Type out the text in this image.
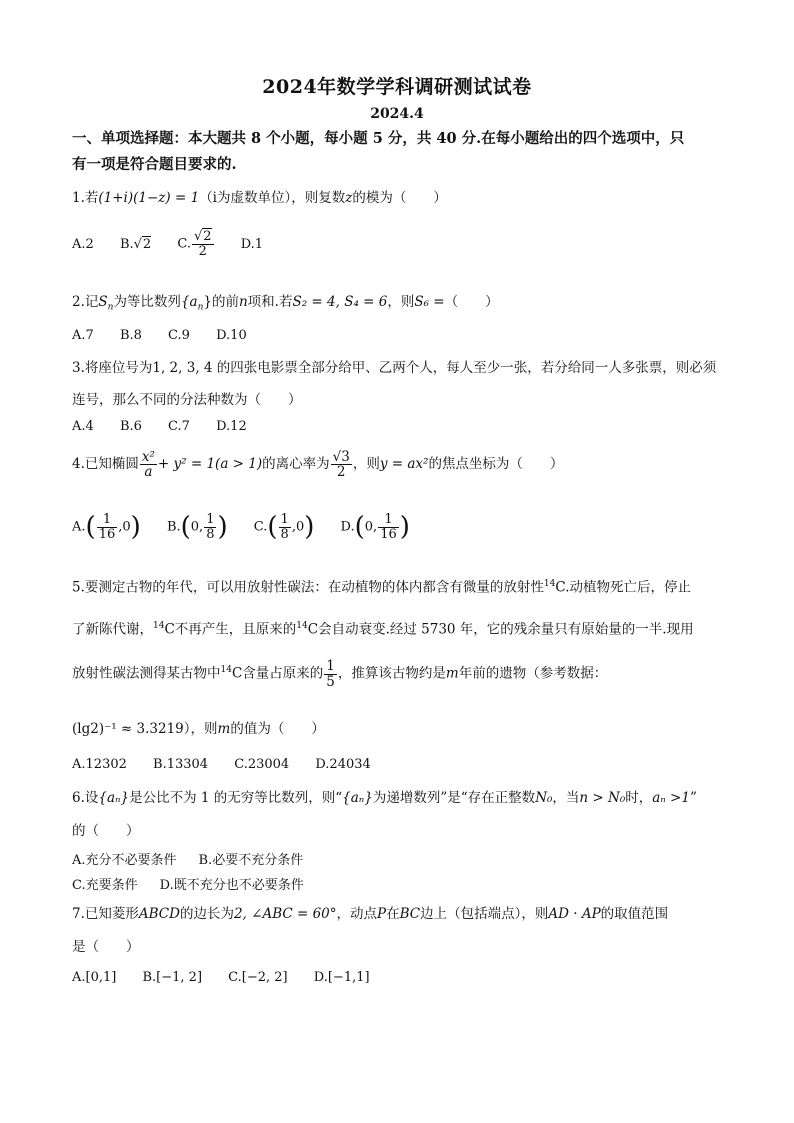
2024年数学学科调研测试试卷
2024.4
一、单项选择题：本大题共 8 个小题，每小题 5 分，共 40 分.在每小题给出的四个选项中，只
有一项是符合题目要求的.
1.若(1+i)(1−z) = 1（i为虚数单位），则复数z的模为（　　）
A.2 B.√2 C. $\frac{√2}{2} D.1$
2.记$S_n$为等比数列$\{a_n\}$的前n项和.若S₂ = 4, S₄ = 6，则S₆ =（　　）
A.7 B.8 C.9 D.10
3.将座位号为1, 2, 3, 4 的四张电影票全部分给甲、乙两个人，每人至少一张，若分给同一人多张票，则必须
连号，那么不同的分法种数为（　　）
A.4 B.6 C.7 D.12
4.已知椭圆 $\frac{\text{x²}}{a} + y^2 = 1(a > 1)$的离心率为 $\frac{√3}{2}$ ，则y = ax²的焦点坐标为（　　）
$A.( \frac{1}{16} ,0)$ B.(0, $\frac{1}{8}$ ) $C.( \frac{1}{8} ,0)$ D.(0, $\frac{1}{16}$ )
5.要测定古物的年代，可以用放射性碳法：在动植物的体内都含有微量的放射性$^{14}$C.动植物死亡后，停止
了新陈代谢，$^{14}$C不再产生，且原来的$^{14}$C会自动衰变.经过 5730 年，它的残余量只有原始量的一半.现用
放射性碳法测得某古物中$^{14}$C含量占原来的 $\frac{1}{5}$ ，推算该古物约是m年前的遗物（参考数据：
(lg2)⁻¹ ≈ 3.3219），则m的值为（　　）
A.12302 B.13304 C.23004 D.24034
6.设{aₙ}是公比不为 1 的无穷等比数列，则“{aₙ}为递增数列”是“存在正整数N₀，当n > N₀时，aₙ >1”
的（　　）
A.充分不必要条件 B.必要不充分条件
C.充要条件 D.既不充分也不必要条件
7.已知菱形ABCD的边长为2, ∠ABC = 60°，动点P在BC边上（包括端点），则AD · AP的取值范围
是（　　）
A.[0,1] B.[−1, 2] C.[−2, 2] D.[−1,1]
